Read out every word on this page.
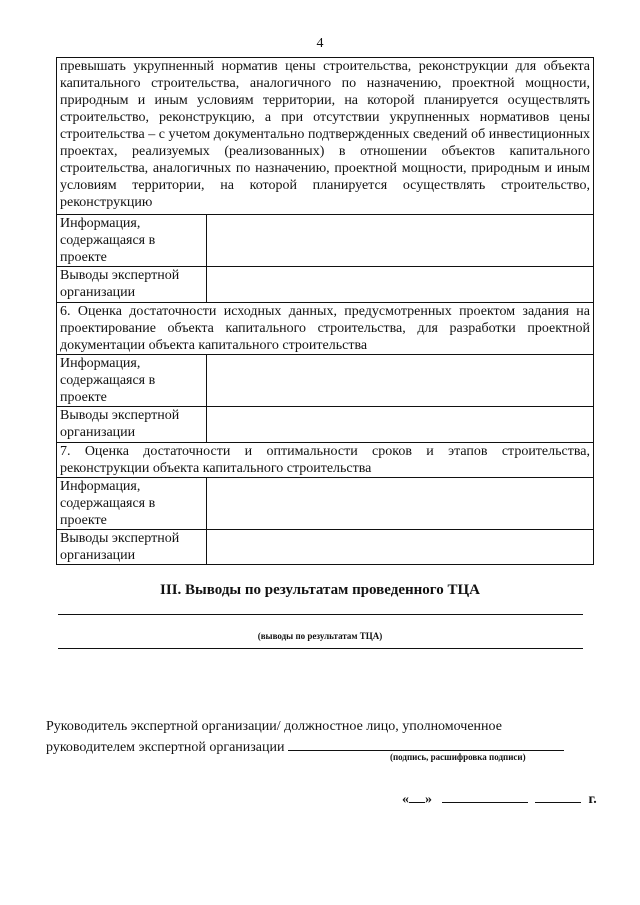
4
превышать укрупненный норматив цены строительства, реконструкции для объекта капитального строительства, аналогичного по назначению, проектной мощности, природным и иным условиям территории, на которой планируется осуществлять строительство, реконструкцию, а при отсутствии укрупненных нормативов цены строительства – с учетом документально подтвержденных сведений об инвестиционных проектах, реализуемых (реализованных) в отношении объектов капитального строительства, аналогичных по назначению, проектной мощности, природным и иным условиям территории, на которой планируется осуществлять строительство, реконструкцию	
Информация, содержащаяся в проекте	
Выводы экспертной организации	
6. Оценка достаточности исходных данных, предусмотренных проектом задания на проектирование объекта капитального строительства, для разработки проектной документации объекта капитального строительства	
Информация, содержащаяся в проекте	
Выводы экспертной организации	
7. Оценка достаточности и оптимальности сроков и этапов строительства, реконструкции объекта капитального строительства	
Информация, содержащаяся в проекте	
Выводы экспертной организации	
III. Выводы по результатам проведенного ТЦА
(выводы по результатам ТЦА)
Руководитель экспертной организации/ должностное лицо, уполномоченное
руководителем экспертной организации
(подпись, расшифровка подписи)
« »	г.
